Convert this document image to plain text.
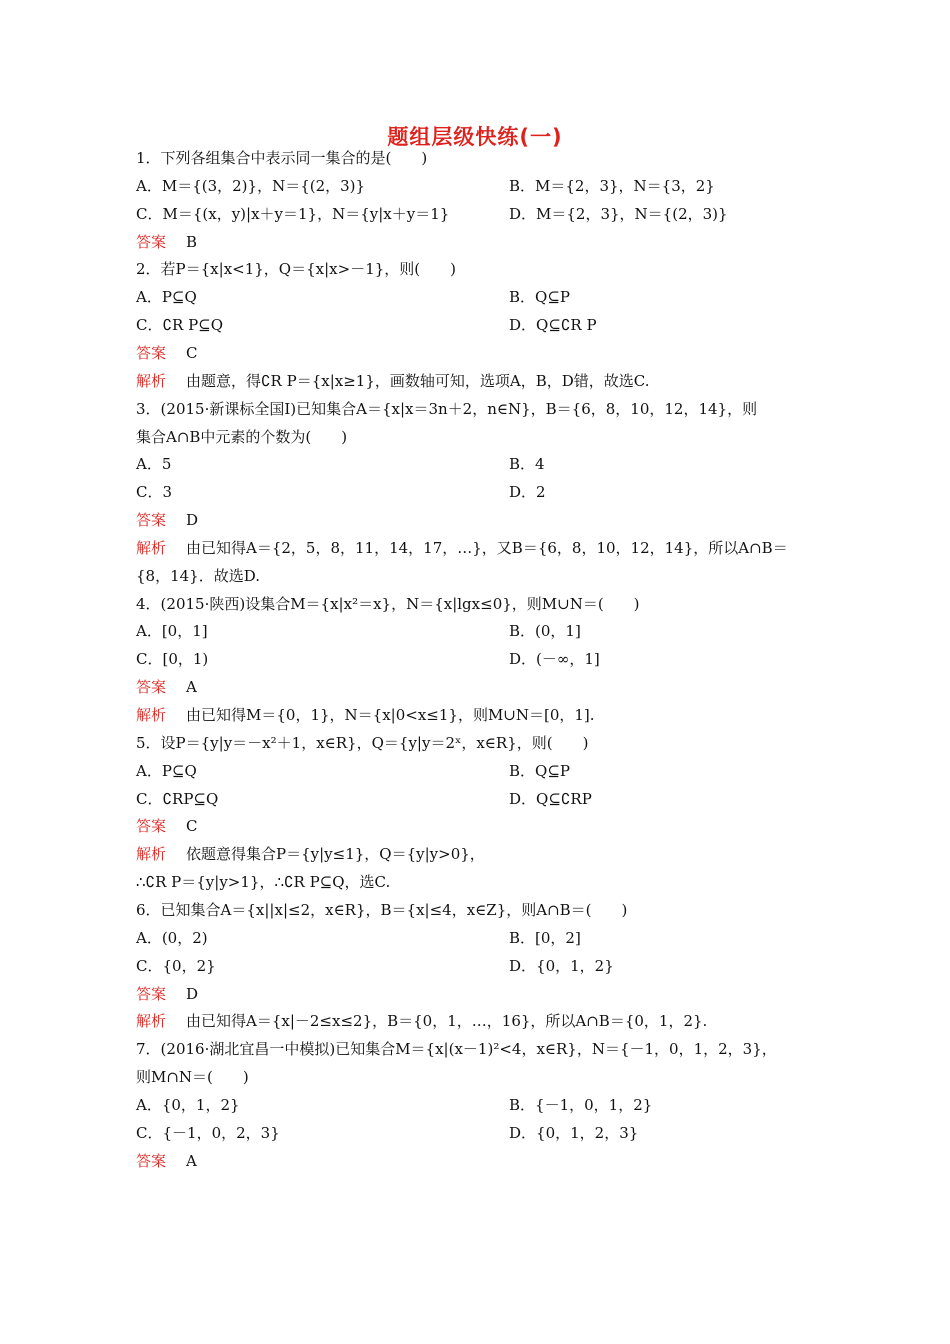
题组层级快练(一)
1．下列各组集合中表示同一集合的是(　　)
A．M＝{(3，2)}，N＝{(2，3)}	B．M＝{2，3}，N＝{3，2}
C．M＝{(x，y)|x＋y＝1}，N＝{y|x＋y＝1}	D．M＝{2，3}，N＝{(2，3)}
答案 B
2．若P＝{x|x<1}，Q＝{x|x>－1}，则(　　)
A．P⊆Q	B．Q⊆P
C．∁R P⊆Q	D．Q⊆∁R P
答案 C
解析 由题意，得∁R P＝{x|x≥1}，画数轴可知，选项A，B，D错，故选C.
3．(2015·新课标全国Ⅰ)已知集合A＝{x|x＝3n＋2，n∈N}，B＝{6，8，10，12，14}，则
集合A∩B中元素的个数为(　　)
A．5	B．4
C．3	D．2
答案 D
解析 由已知得A＝{2，5，8，11，14，17，…}，又B＝{6，8，10，12，14}，所以A∩B＝
{8，14}．故选D.
4．(2015·陕西)设集合M＝{x|x²＝x}，N＝{x|lgx≤0}，则M∪N＝(　　)
A．[0，1]	B．(0，1]
C．[0，1)	D．(－∞，1]
答案 A
解析 由已知得M＝{0，1}，N＝{x|0<x≤1}，则M∪N＝[0，1].
5．设P＝{y|y＝－x²＋1，x∈R}，Q＝{y|y＝2ˣ，x∈R}，则(　　)
A．P⊆Q	B．Q⊆P
C．∁RP⊆Q	D．Q⊆∁RP
答案 C
解析 依题意得集合P＝{y|y≤1}，Q＝{y|y>0}，
∴∁R P＝{y|y>1}，∴∁R P⊆Q，选C.
6．已知集合A＝{x||x|≤2，x∈R}，B＝{x|≤4，x∈Z}，则A∩B＝(　　)
A．(0，2)	B．[0，2]
C．{0，2}	D．{0，1，2}
答案 D
解析 由已知得A＝{x|－2≤x≤2}，B＝{0，1，…，16}，所以A∩B＝{0，1，2}.
7．(2016·湖北宜昌一中模拟)已知集合M＝{x|(x－1)²<4，x∈R}，N＝{－1，0，1，2，3}，
则M∩N＝(　　)
A．{0，1，2}	B．{－1，0，1，2}
C．{－1，0，2，3}	D．{0，1，2，3}
答案 A
